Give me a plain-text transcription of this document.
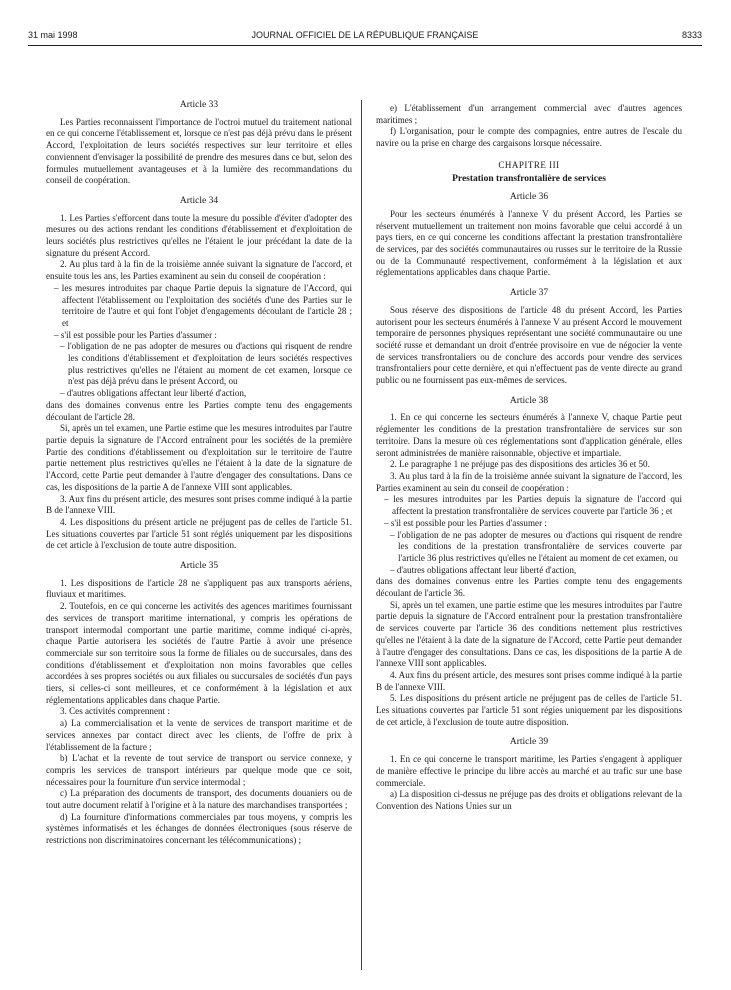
31 mai 1998	JOURNAL OFFICIEL DE LA RÉPUBLIQUE FRANÇAISE	8333
Article 33

Les Parties reconnaissent l'importance de l'octroi mutuel du traitement national en ce qui concerne l'établissement et, lorsque ce n'est pas déjà prévu dans le présent Accord, l'exploitation de leurs sociétés respectives sur leur territoire et elles conviennent d'envisager la possibilité de prendre des mesures dans ce but, selon des formules mutuellement avantageuses et à la lumière des recommandations du conseil de coopération.

Article 34

1. Les Parties s'efforcent dans toute la mesure du possible d'éviter d'adopter des mesures ou des actions rendant les conditions d'établissement et d'exploitation de leurs sociétés plus restrictives qu'elles ne l'étaient le jour précédant la date de la signature du présent Accord.

2. Au plus tard à la fin de la troisième année suivant la signature de l'accord, et ensuite tous les ans, les Parties examinent au sein du conseil de coopération :

– les mesures introduites par chaque Partie depuis la signature de l'Accord, qui affectent l'établissement ou l'exploitation des sociétés d'une des Parties sur le territoire de l'autre et qui font l'objet d'engagements découlant de l'article 28 ; et
– s'il est possible pour les Parties d'assumer :
– l'obligation de ne pas adopter de mesures ou d'actions qui risquent de rendre les conditions d'établissement et d'exploitation de leurs sociétés respectives plus restrictives qu'elles ne l'étaient au moment de cet examen, lorsque ce n'est pas déjà prévu dans le présent Accord, ou
– d'autres obligations affectant leur liberté d'action,

dans des domaines convenus entre les Parties compte tenu des engagements découlant de l'article 28.

Si, après un tel examen, une Partie estime que les mesures introduites par l'autre partie depuis la signature de l'Accord entraînent pour les sociétés de la première Partie des conditions d'établissement ou d'exploitation sur le territoire de l'autre partie nettement plus restrictives qu'elles ne l'étaient à la date de la signature de l'Accord, cette Partie peut demander à l'autre d'engager des consultations. Dans ce cas, les dispositions de la partie A de l'annexe VIII sont applicables.

3. Aux fins du présent article, des mesures sont prises comme indiqué à la partie B de l'annexe VIII.

4. Les dispositions du présent article ne préjugent pas de celles de l'article 51. Les situations couvertes par l'article 51 sont réglés uniquement par les dispositions de cet article à l'exclusion de toute autre disposition.

Article 35

1. Les dispositions de l'article 28 ne s'appliquent pas aux transports aériens, fluviaux et maritimes.

2. Toutefois, en ce qui concerne les activités des agences maritimes fournissant des services de transport maritime international, y compris les opérations de transport intermodal comportant une partie maritime, comme indiqué ci-après, chaque Partie autorisera les sociétés de l'autre Partie à avoir une présence commerciale sur son territoire sous la forme de filiales ou de succursales, dans des conditions d'établissement et d'exploitation non moins favorables que celles accordées à ses propres sociétés ou aux filiales ou succursales de sociétés d'un pays tiers, si celles-ci sont meilleures, et ce conformément à la législation et aux réglementations applicables dans chaque Partie.

3. Ces activités comprennent :

a) La commercialisation et la vente de services de transport maritime et de services annexes par contact direct avec les clients, de l'offre de prix à l'établissement de la facture ;

b) L'achat et la revente de tout service de transport ou service connexe, y compris les services de transport intérieurs par quelque mode que ce soit, nécessaires pour la fourniture d'un service intermodal ;

c) La préparation des documents de transport, des documents douaniers ou de tout autre document relatif à l'origine et à la nature des marchandises transportées ;

d) La fourniture d'informations commerciales par tous moyens, y compris les systèmes informatisés et les échanges de données électroniques (sous réserve de restrictions non discriminatoires concernant les télécommunications) ;

e) L'établissement d'un arrangement commercial avec d'autres agences maritimes ;

f) L'organisation, pour le compte des compagnies, entre autres de l'escale du navire ou la prise en charge des cargaisons lorsque nécessaire.

CHAPITRE III
Prestation transfrontalière de services
Article 36

Pour les secteurs énumérés à l'annexe V du présent Accord, les Parties se réservent mutuellement un traitement non moins favorable que celui accordé à un pays tiers, en ce qui concerne les conditions affectant la prestation transfrontalière de services, par des sociétés communautaires ou russes sur le territoire de la Russie ou de la Communauté respectivement, conformément à la législation et aux réglementations applicables dans chaque Partie.

Article 37

Sous réserve des dispositions de l'article 48 du présent Accord, les Parties autorisent pour les secteurs énumérés à l'annexe V au présent Accord le mouvement temporaire de personnes physiques représentant une société communautaire ou une société russe et demandant un droit d'entrée provisoire en vue de négocier la vente de services transfrontaliers ou de conclure des accords pour vendre des services transfrontaliers pour cette dernière, et qui n'effectuent pas de vente directe au grand public ou ne fournissent pas eux-mêmes de services.

Article 38

1. En ce qui concerne les secteurs énumérés à l'annexe V, chaque Partie peut réglementer les conditions de la prestation transfrontalière de services sur son territoire. Dans la mesure où ces réglementations sont d'application générale, elles seront administrées de manière raisonnable, objective et impartiale.

2. Le paragraphe 1 ne préjuge pas des dispositions des articles 36 et 50.

3. Au plus tard à la fin de la troisième année suivant la signature de l'accord, les Parties examinent au sein du conseil de coopération :

– les mesures introduites par les Parties depuis la signature de l'accord qui affectent la prestation transfrontalière de services couverte par l'article 36 ; et
– s'il est possible pour les Parties d'assumer :
– l'obligation de ne pas adopter de mesures ou d'actions qui risquent de rendre les conditions de la prestation transfrontalière de services couverte par l'article 36 plus restrictives qu'elles ne l'étaient au moment de cet examen, ou
– d'autres obligations affectant leur liberté d'action,

dans des domaines convenus entre les Parties compte tenu des engagements découlant de l'article 36.

Si, après un tel examen, une partie estime que les mesures introduites par l'autre partie depuis la signature de l'Accord entraînent pour la prestation transfrontalière de services couverte par l'article 36 des conditions nettement plus restrictives qu'elles ne l'étaient à la date de la signature de l'Accord, cette Partie peut demander à l'autre d'engager des consultations. Dans ce cas, les dispositions de la partie A de l'annexe VIII sont applicables.

4. Aux fins du présent article, des mesures sont prises comme indiqué à la partie B de l'annexe VIII.

5. Les dispositions du présent article ne préjugent pas de celles de l'article 51. Les situations couvertes par l'article 51 sont régies uniquement par les dispositions de cet article, à l'exclusion de toute autre disposition.

Article 39

1. En ce qui concerne le transport maritime, les Parties s'engagent à appliquer de manière effective le principe du libre accès au marché et au trafic sur une base commerciale.

a) La disposition ci-dessus ne préjuge pas des droits et obligations relevant de la Convention des Nations Unies sur un
